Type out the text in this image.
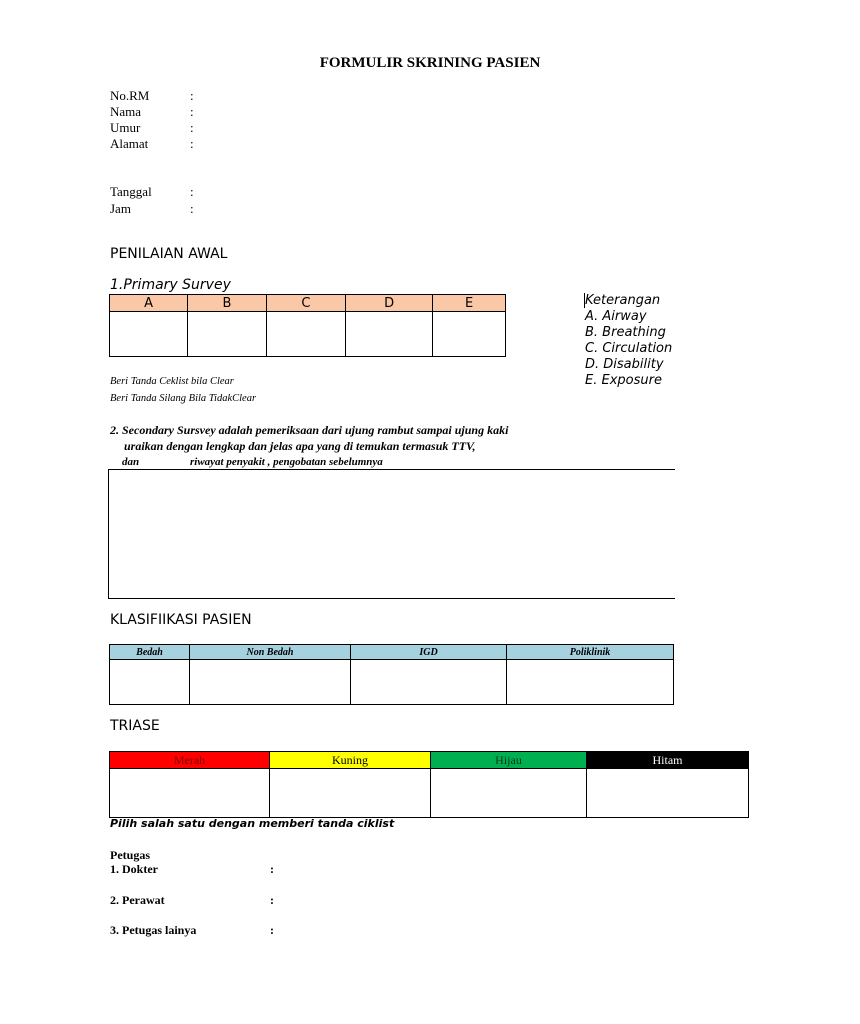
FORMULIR SKRINING PASIEN
No.RM	:
Nama	:
Umur	:
Alamat	:
Tanggal	:
Jam	:
PENILAIAN AWAL
1.Primary Survey
A	B	C	D	E
					Keterangan
A. Airway
B. Breathing
C. Circulation
D. Disability
E. Exposure
Beri Tanda Ceklist bila Clear
Beri Tanda Silang Bila TidakClear
2. Secondary Sursvey adalah pemeriksaan dari ujung rambut sampai ujung kaki
uraikan dengan lengkap dan jelas apa yang di temukan termasuk TTV,
dan	riwayat penyakit , pengobatan sebelumnya
KLASIFIIKASI PASIEN
Bedah	Non Bedah	IGD	Poliklinik

TRIASE
Merah	Kuning	Hijau	Hitam

Pilih salah satu dengan memberi tanda ciklist
Petugas
1. Dokter	:
2. Perawat	:
3. Petugas lainya	:
